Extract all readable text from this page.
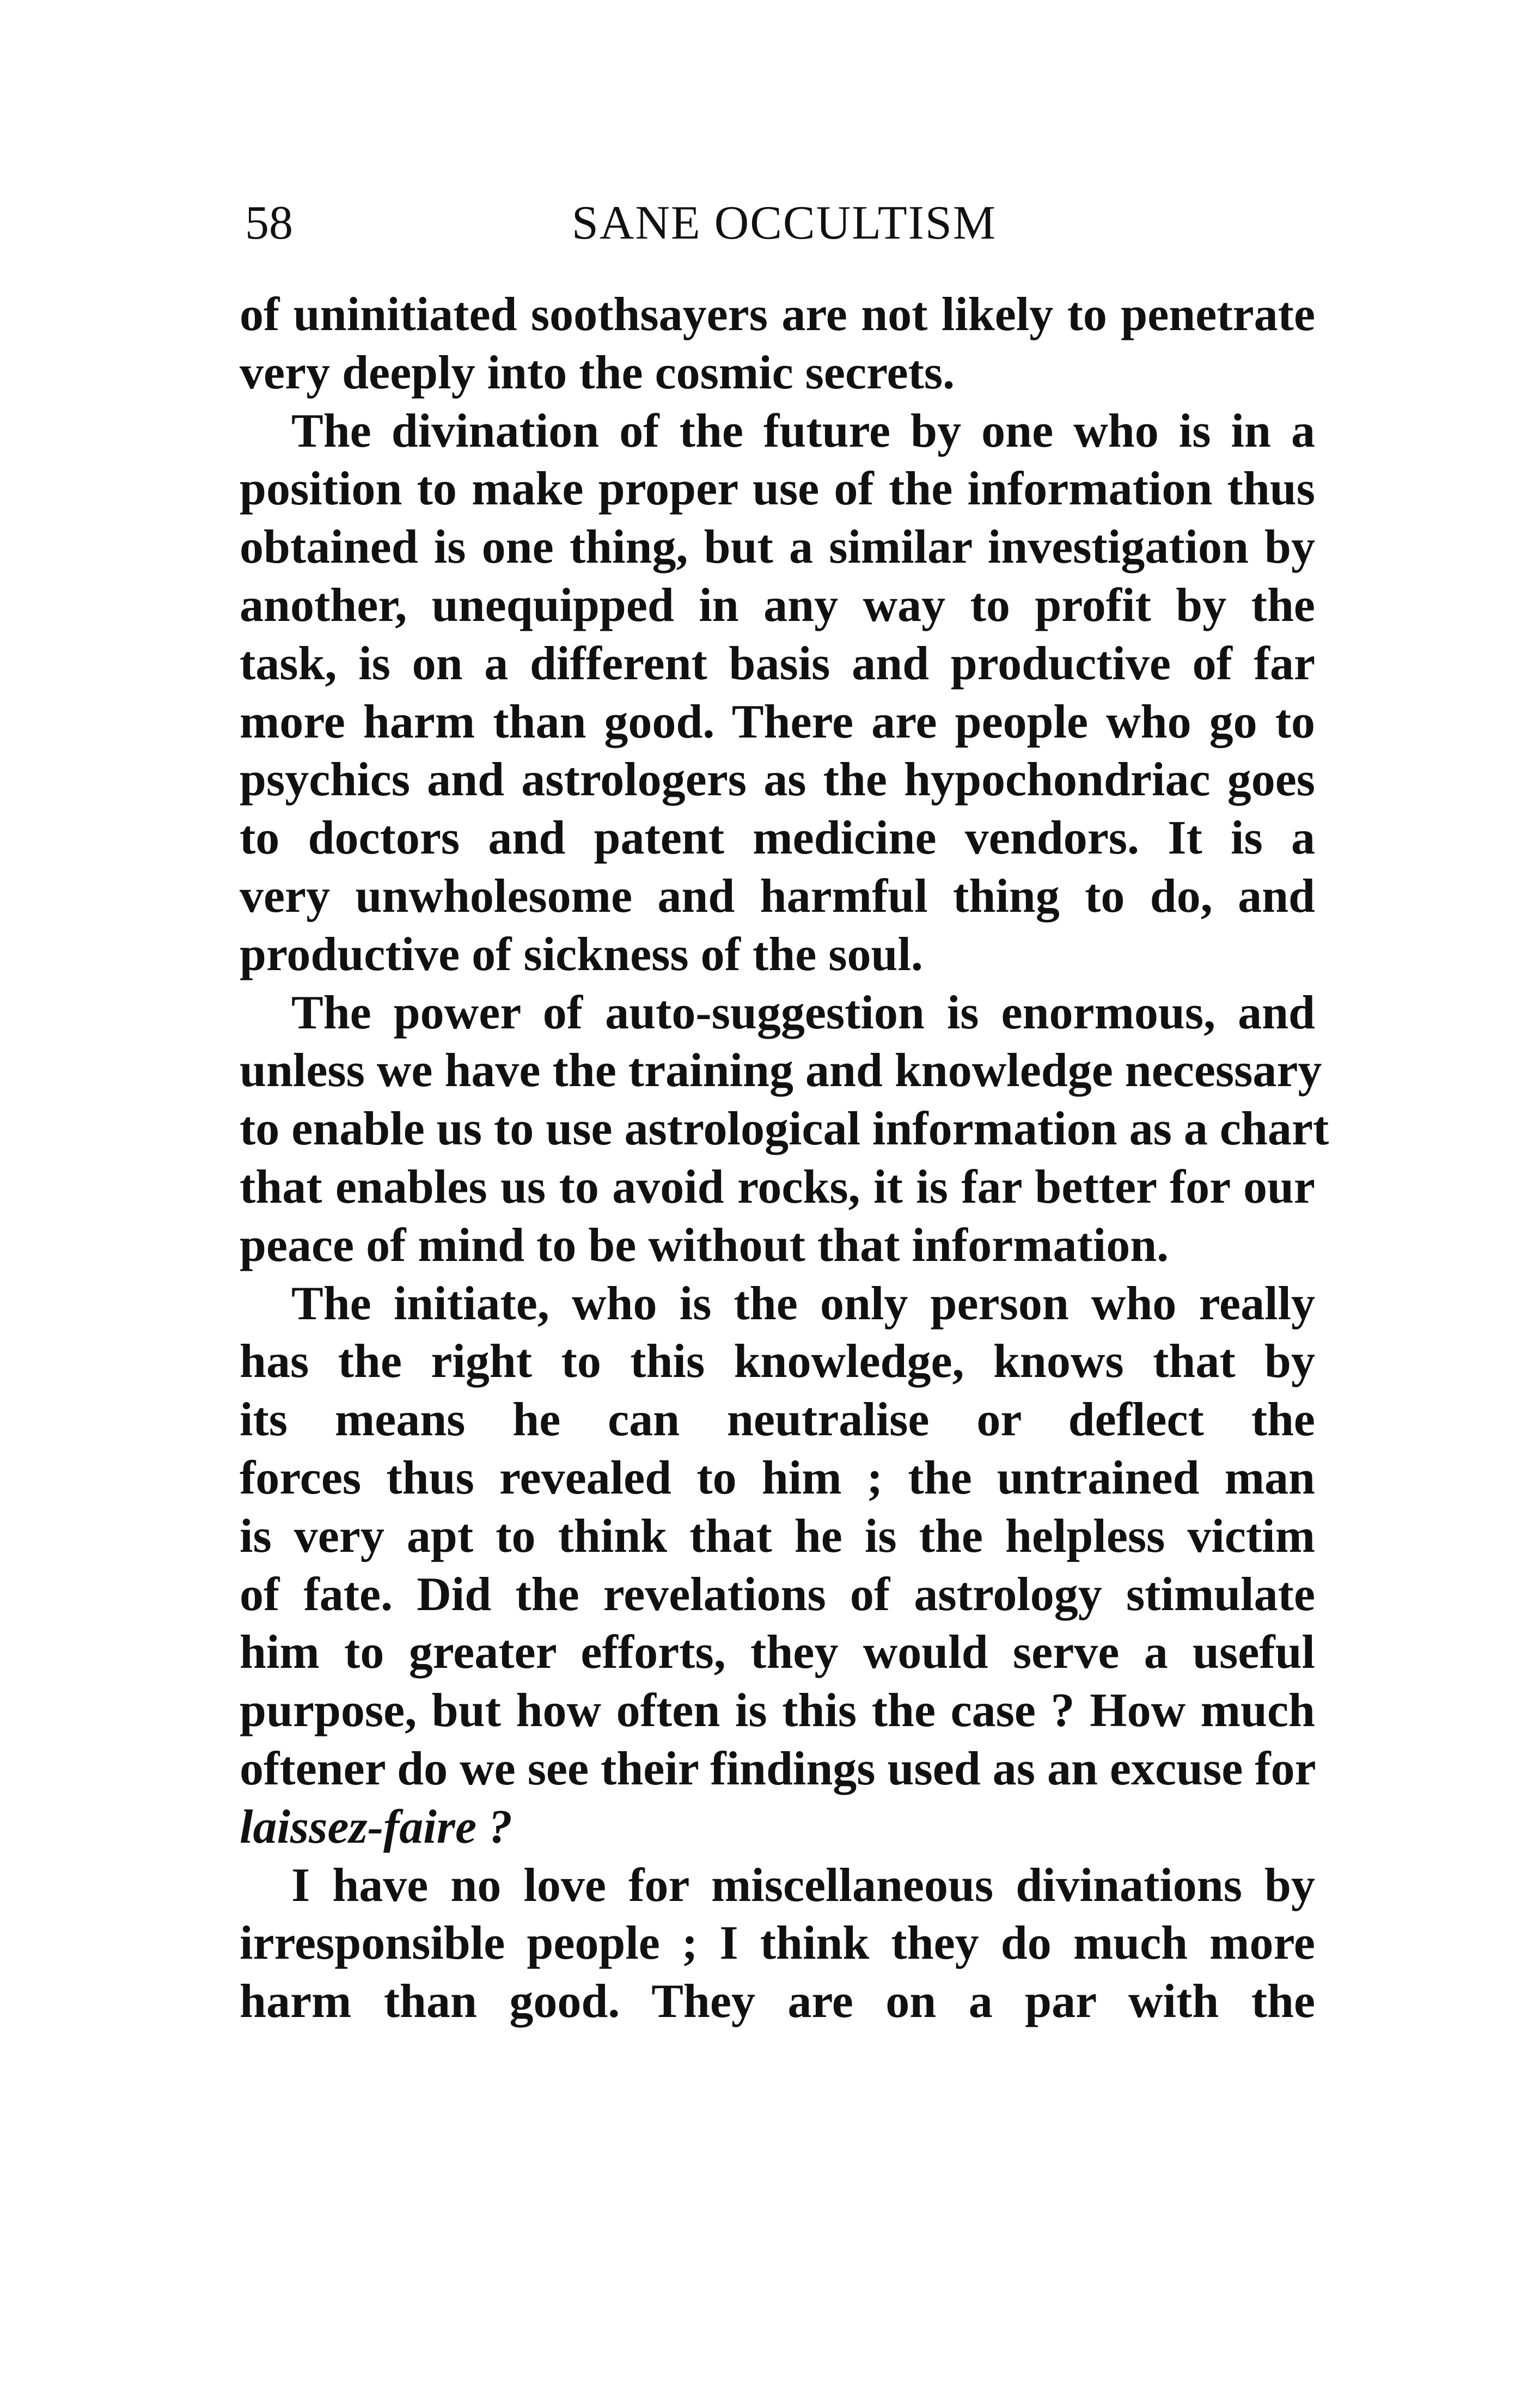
58	SANE OCCULTISM
of uninitiated soothsayers are not likely to penetrate
very deeply into the cosmic secrets.
The divination of the future by one who is in a
position to make proper use of the information thus
obtained is one thing, but a similar investigation by
another, unequipped in any way to profit by the
task, is on a different basis and productive of far
more harm than good. There are people who go to
psychics and astrologers as the hypochondriac goes
to doctors and patent medicine vendors. It is a
very unwholesome and harmful thing to do, and
productive of sickness of the soul.
The power of auto-suggestion is enormous, and
unless we have the training and knowledge necessary
to enable us to use astrological information as a chart
that enables us to avoid rocks, it is far better for our
peace of mind to be without that information.
The initiate, who is the only person who really
has the right to this knowledge, knows that by
its means he can neutralise or deflect the
forces thus revealed to him ; the untrained man
is very apt to think that he is the helpless victim
of fate. Did the revelations of astrology stimulate
him to greater efforts, they would serve a useful
purpose, but how often is this the case ? How much
oftener do we see their findings used as an excuse for
laissez-faire ?
I have no love for miscellaneous divinations by
irresponsible people ; I think they do much more
harm than good. They are on a par with the
